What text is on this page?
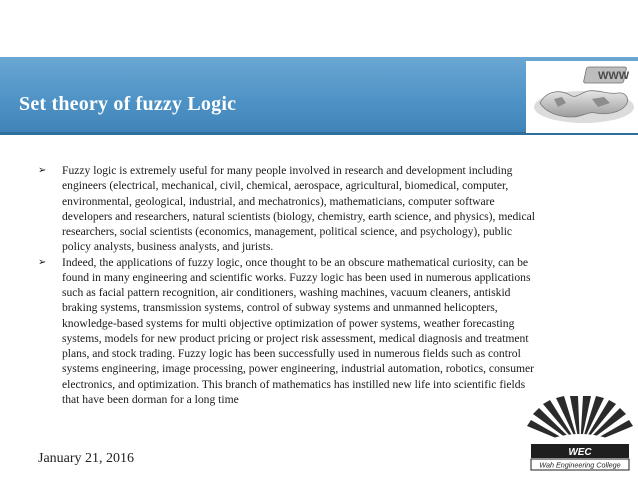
Set theory of fuzzy Logic
WWW
➢ Fuzzy logic is extremely useful for many people involved in research and development including engineers (electrical, mechanical, civil, chemical, aerospace, agricultural, biomedical, computer, environmental, geological, industrial, and mechatronics), mathematicians, computer software developers and researchers, natural scientists (biology, chemistry, earth science, and physics), medical researchers, social scientists (economics, management, political science, and psychology), public policy analysts, business analysts, and jurists.
➢ Indeed, the applications of fuzzy logic, once thought to be an obscure mathematical curiosity, can be found in many engineering and scientific works. Fuzzy logic has been used in numerous applications such as facial pattern recognition, air conditioners, washing machines, vacuum cleaners, antiskid braking systems, transmission systems, control of subway systems and unmanned helicopters, knowledge-based systems for multi objective optimization of power systems, weather forecasting systems, models for new product pricing or project risk assessment, medical diagnosis and treatment plans, and stock trading. Fuzzy logic has been successfully used in numerous fields such as control systems engineering, image processing, power engineering, industrial automation, robotics, consumer electronics, and optimization. This branch of mathematics has instilled new life into scientific fields that have been dorman for a long time
January 21, 2016	WEC
Wah Engineering College
